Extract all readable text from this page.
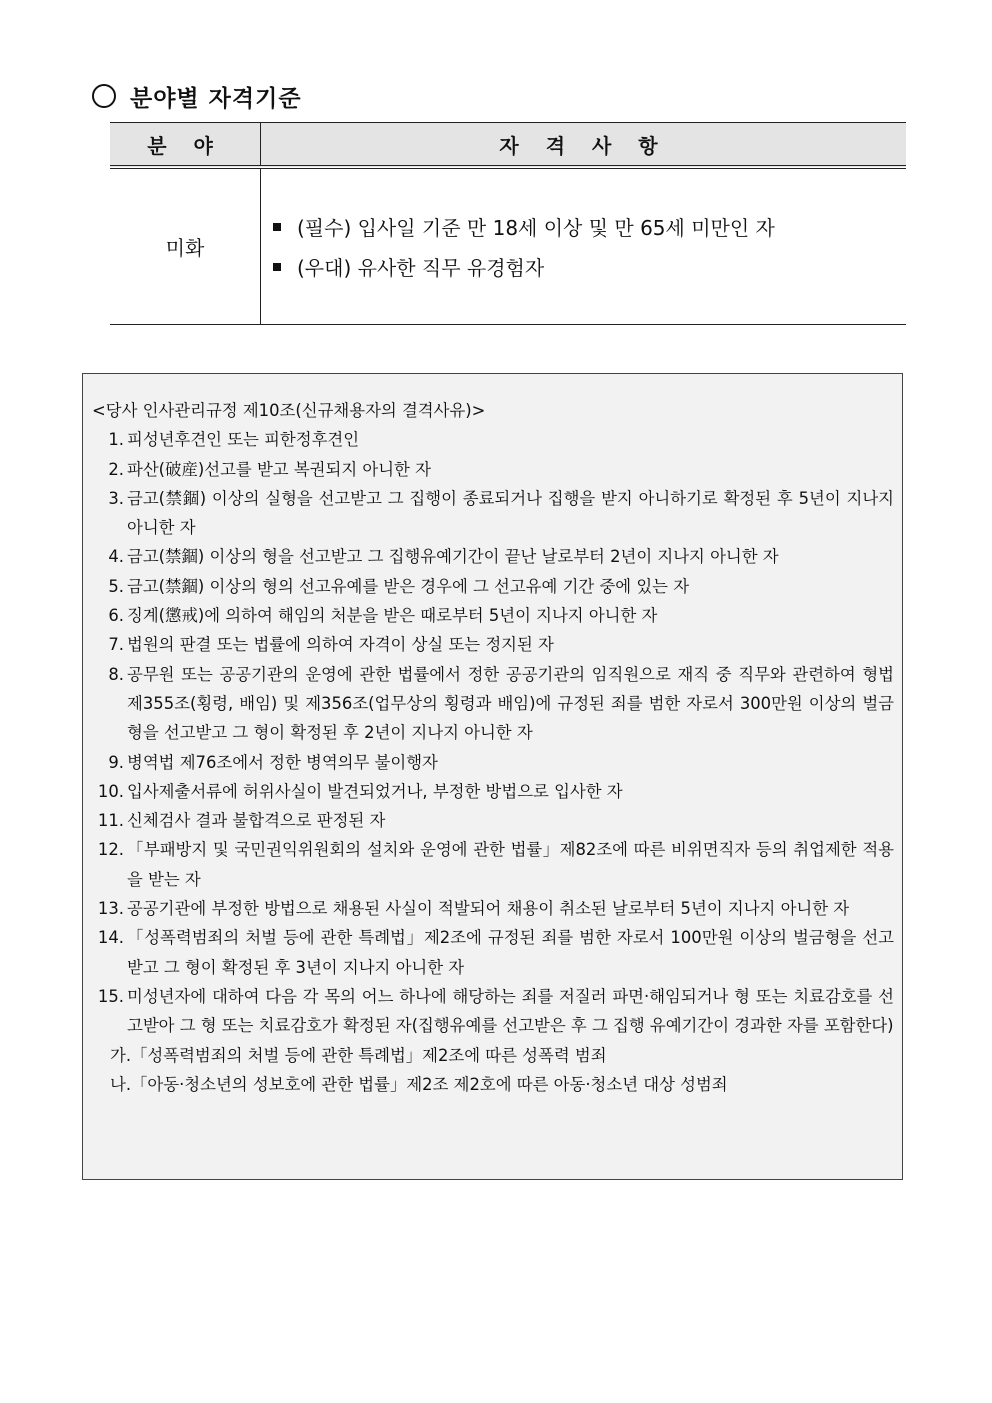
분야별 자격기준
분 야	자 격 사 항
미화	(필수) 입사일 기준 만 18세 이상 및 만 65세 미만인 자
(우대) 유사한 직무 유경험자
<당사 인사관리규정 제10조(신규채용자의 결격사유)>
1. 피성년후견인 또는 피한정후견인
2. 파산(破産)선고를 받고 복권되지 아니한 자
3. 금고(禁錮) 이상의 실형을 선고받고 그 집행이 종료되거나 집행을 받지 아니하기로 확정된 후 5년이 지나지 아니한 자
4. 금고(禁錮) 이상의 형을 선고받고 그 집행유예기간이 끝난 날로부터 2년이 지나지 아니한 자
5. 금고(禁錮) 이상의 형의 선고유예를 받은 경우에 그 선고유예 기간 중에 있는 자
6. 징계(懲戒)에 의하여 해임의 처분을 받은 때로부터 5년이 지나지 아니한 자
7. 법원의 판결 또는 법률에 의하여 자격이 상실 또는 정지된 자
8. 공무원 또는 공공기관의 운영에 관한 법률에서 정한 공공기관의 임직원으로 재직 중 직무와 관련하여 형법 제355조(횡령, 배임) 및 제356조(업무상의 횡령과 배임)에 규정된 죄를 범한 자로서 300만원 이상의 벌금형을 선고받고 그 형이 확정된 후 2년이 지나지 아니한 자
9. 병역법 제76조에서 정한 병역의무 불이행자
10. 입사제출서류에 허위사실이 발견되었거나, 부정한 방법으로 입사한 자
11. 신체검사 결과 불합격으로 판정된 자
12. 「부패방지 및 국민권익위원회의 설치와 운영에 관한 법률」제82조에 따른 비위면직자 등의 취업제한 적용을 받는 자
13. 공공기관에 부정한 방법으로 채용된 사실이 적발되어 채용이 취소된 날로부터 5년이 지나지 아니한 자
14. 「성폭력범죄의 처벌 등에 관한 특례법」제2조에 규정된 죄를 범한 자로서 100만원 이상의 벌금형을 선고받고 그 형이 확정된 후 3년이 지나지 아니한 자
15. 미성년자에 대하여 다음 각 목의 어느 하나에 해당하는 죄를 저질러 파면·해임되거나 형 또는 치료감호를 선고받아 그 형 또는 치료감호가 확정된 자(집행유예를 선고받은 후 그 집행 유예기간이 경과한 자를 포함한다)
가.「성폭력범죄의 처벌 등에 관한 특례법」제2조에 따른 성폭력 범죄
나.「아동·청소년의 성보호에 관한 법률」제2조 제2호에 따른 아동·청소년 대상 성범죄
